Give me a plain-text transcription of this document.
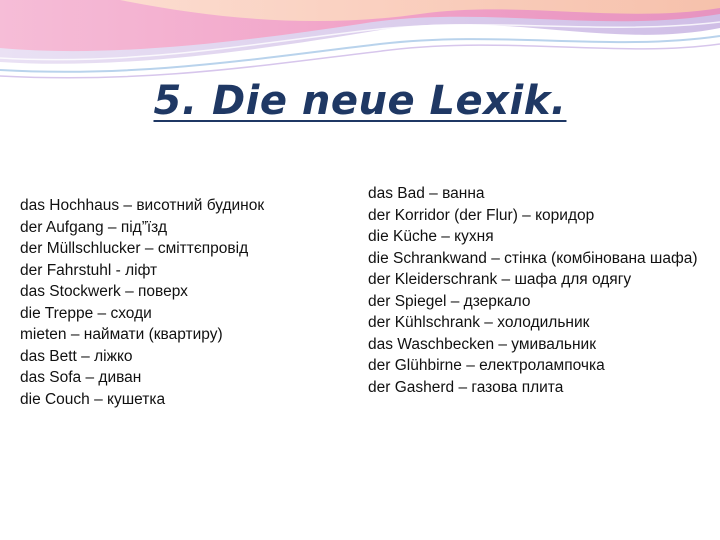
5. Die neue Lexik.
das Hochhaus – висотний будинок
der Aufgang – під”їзд
der Müllschlucker – сміттєпровід
der Fahrstuhl - ліфт
das Stockwerk – поверх
die Treppe – сходи
mieten – наймати (квартиру)
das Bett – ліжко
das Sofa – диван
die Couch – кушетка
das Bad – ванна
der Korridor (der Flur) – коридор
die Küche – кухня
die Schrankwand – стінка (комбінована шафа)
der Kleiderschrank – шафа для одягу
der Spiegel – дзеркало
der Kühlschrank – холодильник
das Waschbecken – умивальник
der Glühbirne – електролампочка
der Gasherd – газова плита
